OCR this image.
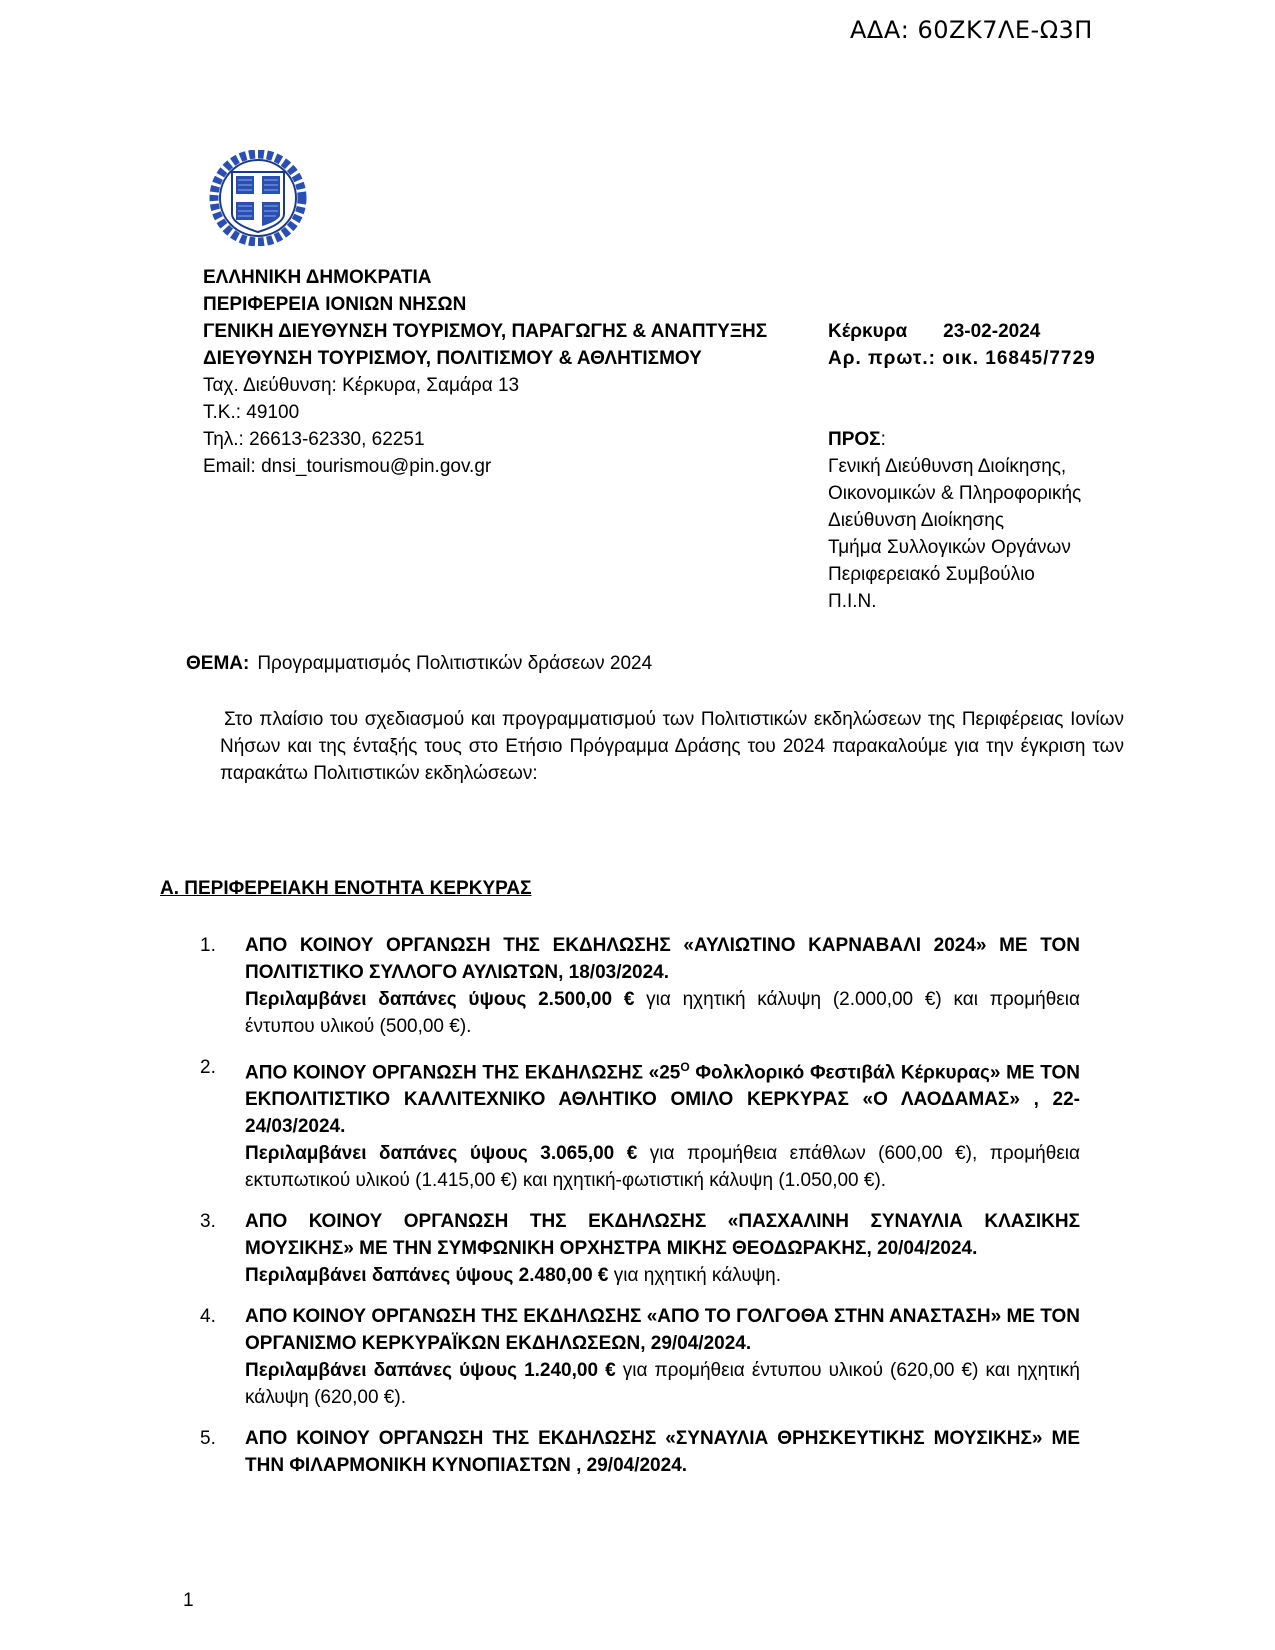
ΑΔΑ: 60ΖΚ7ΛΕ-Ω3Π
ΕΛΛΗΝΙΚΗ ΔΗΜΟΚΡΑΤΙΑ
ΠΕΡΙΦΕΡΕΙΑ ΙΟΝΙΩΝ ΝΗΣΩΝ
ΓΕΝΙΚΗ ΔΙΕΥΘΥΝΣΗ ΤΟΥΡΙΣΜΟΥ, ΠΑΡΑΓΩΓΗΣ & ΑΝΑΠΤΥΞΗΣ
ΔΙΕΥΘΥΝΣΗ ΤΟΥΡΙΣΜΟΥ, ΠΟΛΙΤΙΣΜΟΥ & ΑΘΛΗΤΙΣΜΟΥ
Ταχ. Διεύθυνση: Κέρκυρα, Σαμάρα 13
Τ.Κ.: 49100
Τηλ.: 26613-62330, 62251
Email: dnsi_tourismou@pin.gov.gr
Κέρκυρα 23-02-2024
Αρ. πρωτ.: οικ. 16845/7729
ΠΡΟΣ:
Γενική Διεύθυνση Διοίκησης,
Οικονομικών & Πληροφορικής
Διεύθυνση Διοίκησης
Τμήμα Συλλογικών Οργάνων
Περιφερειακό Συμβούλιο
Π.Ι.Ν.
ΘΕΜΑ: Προγραμματισμός Πολιτιστικών δράσεων 2024
Στο πλαίσιο του σχεδιασμού και προγραμματισμού των Πολιτιστικών εκδηλώσεων της Περιφέρειας Ιονίων Νήσων και της ένταξής τους στο Ετήσιο Πρόγραμμα Δράσης του 2024 παρακαλούμε για την έγκριση των παρακάτω Πολιτιστικών εκδηλώσεων:
Α. ΠΕΡΙΦΕΡΕΙΑΚΗ ΕΝΟΤΗΤΑ ΚΕΡΚΥΡΑΣ
1. ΑΠΟ ΚΟΙΝΟΥ ΟΡΓΑΝΩΣΗ ΤΗΣ ΕΚΔΗΛΩΣΗΣ «ΑΥΛΙΩΤΙΝΟ ΚΑΡΝΑΒΑΛΙ 2024» ΜΕ ΤΟΝ ΠΟΛΙΤΙΣΤΙΚΟ ΣΥΛΛΟΓΟ ΑΥΛΙΩΤΩΝ, 18/03/2024.
Περιλαμβάνει δαπάνες ύψους 2.500,00 € για ηχητική κάλυψη (2.000,00 €) και προμήθεια έντυπου υλικού (500,00 €).
2. ΑΠΟ ΚΟΙΝΟΥ ΟΡΓΑΝΩΣΗ ΤΗΣ ΕΚΔΗΛΩΣΗΣ «$25^O$ Φολκλορικό Φεστιβάλ Κέρκυρας» ΜΕ ΤΟΝ ΕΚΠΟΛΙΤΙΣΤΙΚΟ ΚΑΛΛΙΤΕΧΝΙΚΟ ΑΘΛΗΤΙΚΟ ΟΜΙΛΟ ΚΕΡΚΥΡΑΣ «Ο ΛΑΟΔΑΜΑΣ» , 22-24/03/2024.
Περιλαμβάνει δαπάνες ύψους 3.065,00 € για προμήθεια επάθλων (600,00 €), προμήθεια εκτυπωτικού υλικού (1.415,00 €) και ηχητική-φωτιστική κάλυψη (1.050,00 €).
3. ΑΠΟ ΚΟΙΝΟΥ ΟΡΓΑΝΩΣΗ ΤΗΣ ΕΚΔΗΛΩΣΗΣ «ΠΑΣΧΑΛΙΝΗ ΣΥΝΑΥΛΙΑ ΚΛΑΣΙΚΗΣ ΜΟΥΣΙΚΗΣ» ΜΕ ΤΗΝ ΣΥΜΦΩΝΙΚΗ ΟΡΧΗΣΤΡΑ ΜΙΚΗΣ ΘΕΟΔΩΡΑΚΗΣ, 20/04/2024.
Περιλαμβάνει δαπάνες ύψους 2.480,00 € για ηχητική κάλυψη.
4. ΑΠΟ ΚΟΙΝΟΥ ΟΡΓΑΝΩΣΗ ΤΗΣ ΕΚΔΗΛΩΣΗΣ «ΑΠΟ ΤΟ ΓΟΛΓΟΘΑ ΣΤΗΝ ΑΝΑΣΤΑΣΗ» ΜΕ ΤΟΝ ΟΡΓΑΝΙΣΜΟ ΚΕΡΚΥΡΑΪΚΩΝ ΕΚΔΗΛΩΣΕΩΝ, 29/04/2024.
Περιλαμβάνει δαπάνες ύψους 1.240,00 € για προμήθεια έντυπου υλικού (620,00 €) και ηχητική κάλυψη (620,00 €).
5. ΑΠΟ ΚΟΙΝΟΥ ΟΡΓΑΝΩΣΗ ΤΗΣ ΕΚΔΗΛΩΣΗΣ «ΣΥΝΑΥΛΙΑ ΘΡΗΣΚΕΥΤΙΚΗΣ ΜΟΥΣΙΚΗΣ» ΜΕ ΤΗΝ ΦΙΛΑΡΜΟΝΙΚΗ ΚΥΝΟΠΙΑΣΤΩΝ , 29/04/2024.
1
